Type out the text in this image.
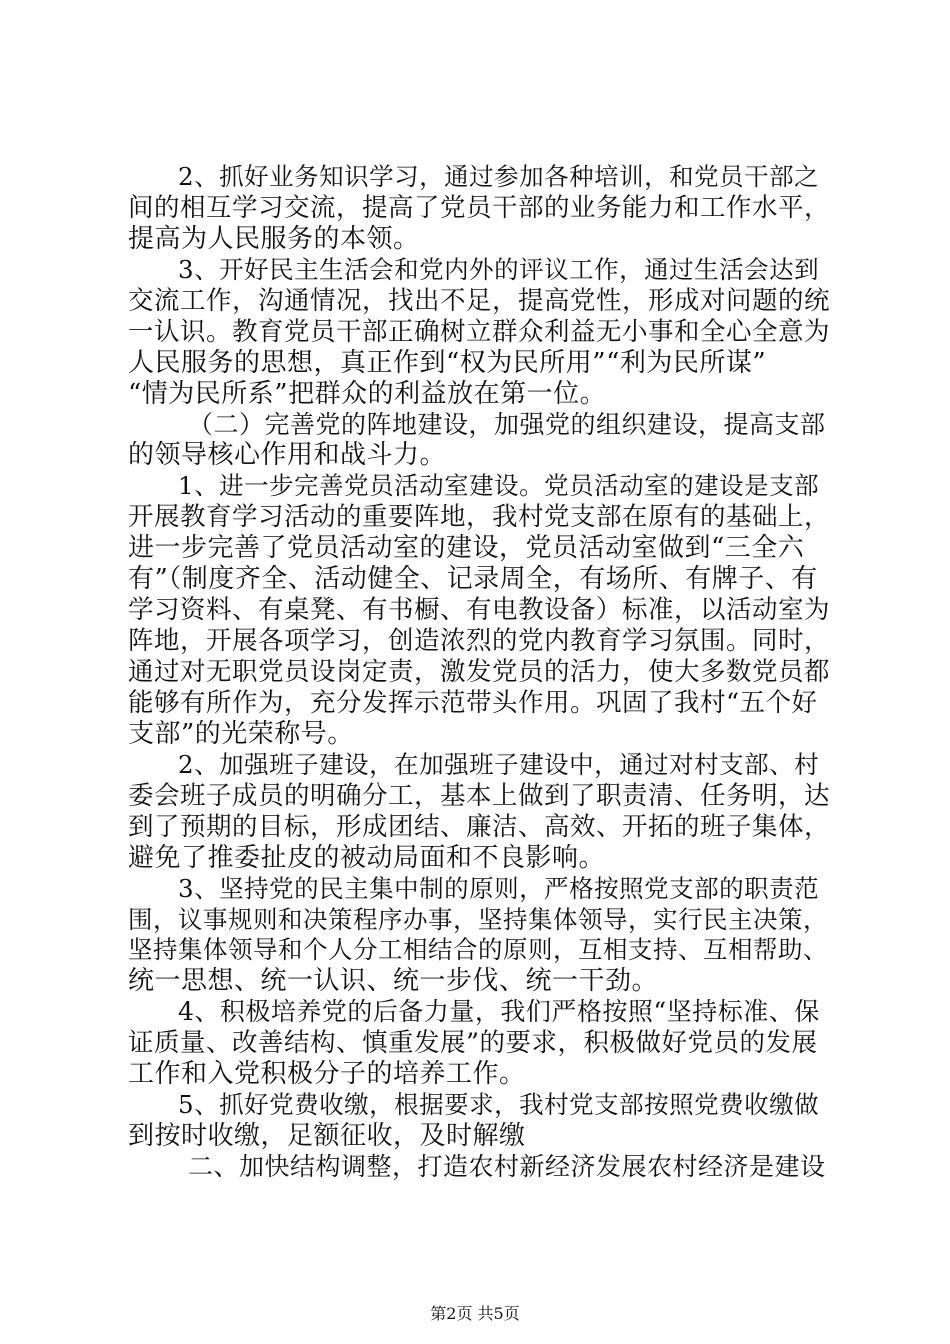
2、抓好业务知识学习，通过参加各种培训，和党员干部之
间的相互学习交流，提高了党员干部的业务能力和工作水平，
提高为人民服务的本领。
3、开好民主生活会和党内外的评议工作，通过生活会达到
交流工作，沟通情况，找出不足，提高党性，形成对问题的统
一认识。教育党员干部正确树立群众利益无小事和全心全意为
人民服务的思想，真正作到“权为民所用”“利为民所谋”
“情为民所系”把群众的利益放在第一位。
（二）完善党的阵地建设，加强党的组织建设，提高支部
的领导核心作用和战斗力。
1、进一步完善党员活动室建设。党员活动室的建设是支部
开展教育学习活动的重要阵地，我村党支部在原有的基础上，
进一步完善了党员活动室的建设，党员活动室做到“三全六
有”（制度齐全、活动健全、记录周全，有场所、有牌子、有
学习资料、有桌凳、有书橱、有电教设备）标准，以活动室为
阵地，开展各项学习，创造浓烈的党内教育学习氛围。同时，
通过对无职党员设岗定责，激发党员的活力，使大多数党员都
能够有所作为，充分发挥示范带头作用。巩固了我村“五个好
支部”的光荣称号。
2、加强班子建设，在加强班子建设中，通过对村支部、村
委会班子成员的明确分工，基本上做到了职责清、任务明，达
到了预期的目标，形成团结、廉洁、高效、开拓的班子集体，
避免了推委扯皮的被动局面和不良影响。
3、坚持党的民主集中制的原则，严格按照党支部的职责范
围，议事规则和决策程序办事，坚持集体领导，实行民主决策，
坚持集体领导和个人分工相结合的原则，互相支持、互相帮助、
统一思想、统一认识、统一步伐、统一干劲。
4、积极培养党的后备力量，我们严格按照“坚持标准、保
证质量、改善结构、慎重发展”的要求，积极做好党员的发展
工作和入党积极分子的培养工作。
5、抓好党费收缴，根据要求，我村党支部按照党费收缴做
到按时收缴，足额征收，及时解缴
二、加快结构调整，打造农村新经济发展农村经济是建设
第2页 共5页
